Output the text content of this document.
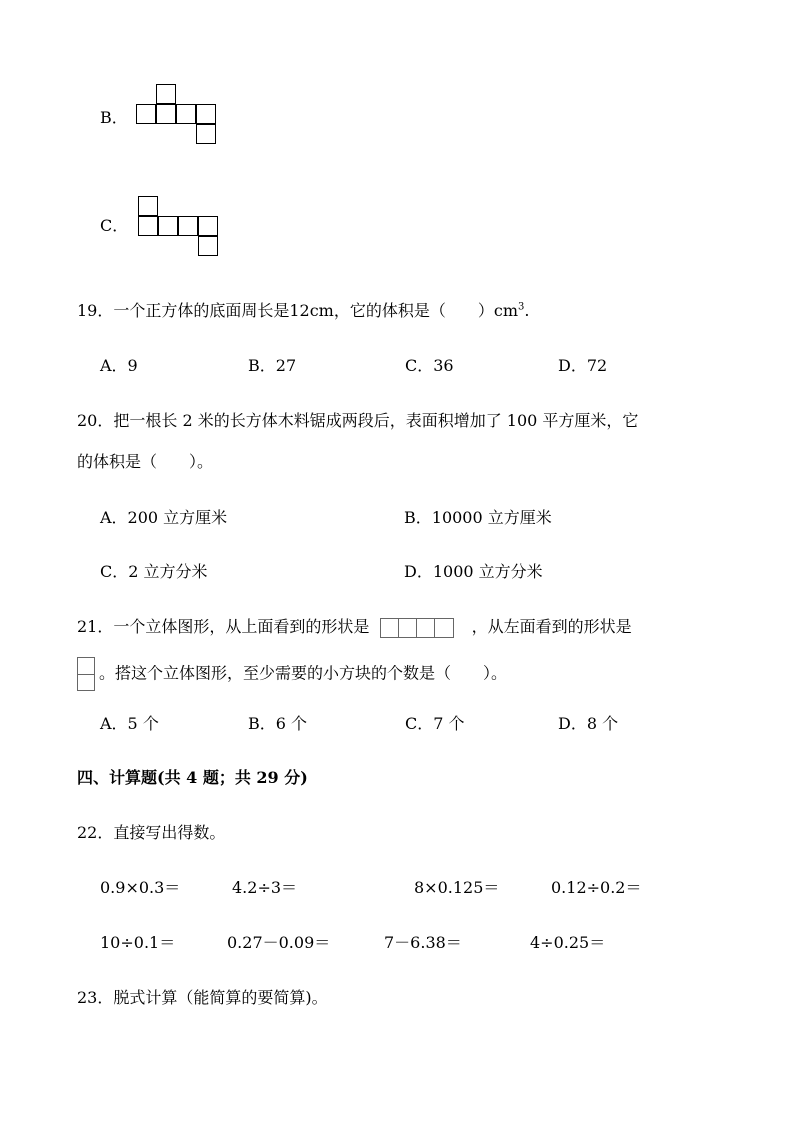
B．
C．
19．一个正方体的底面周长是12cm，它的体积是（　　）$cm^3$.
A．9	B．27	C．36	D．72
20．把一根长 2 米的长方体木料锯成两段后，表面积增加了 100 平方厘米，它
的体积是（　　）。
A．200 立方厘米	B．10000 立方厘米
C．2 立方分米	D．1000 立方分米
21．一个立体图形，从上面看到的形状是	，从左面看到的形状是
。搭这个立体图形，至少需要的小方块的个数是（　　）。
A．5 个	B．6 个	C．7 个	D．8 个
四、计算题(共 4 题；共 29 分)
22．直接写出得数。
0.9×0.3＝	4.2÷3＝	8×0.125＝	0.12÷0.2＝
10÷0.1＝	0.27－0.09＝	7－6.38＝	4÷0.25＝
23．脱式计算（能简算的要简算)。
